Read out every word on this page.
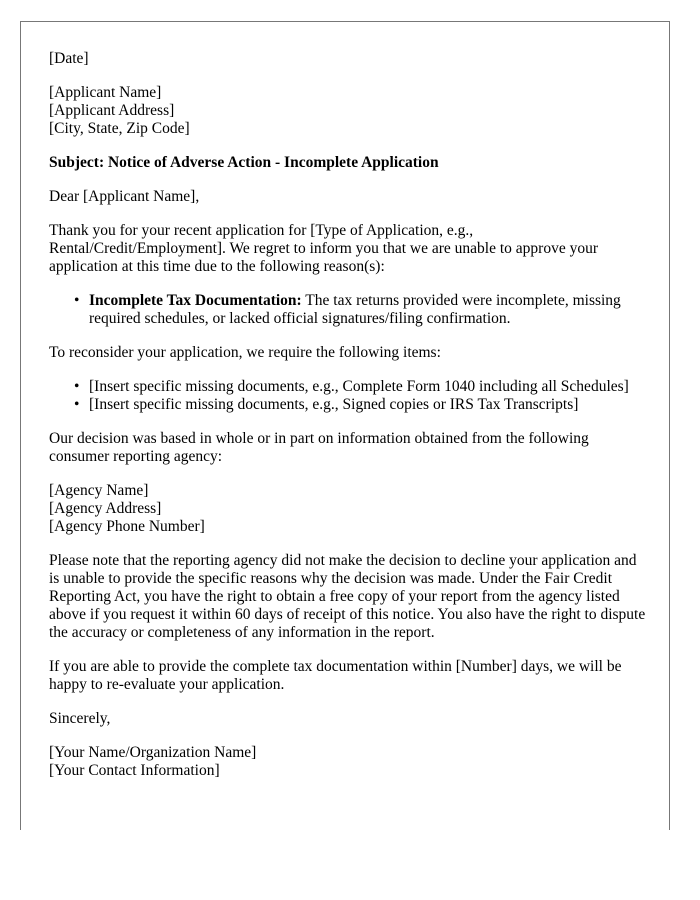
[Date]

[Applicant Name]
[Applicant Address]
[City, State, Zip Code]

Subject: Notice of Adverse Action - Incomplete Application

Dear [Applicant Name],

Thank you for your recent application for [Type of Application, e.g., Rental/Credit/Employment]. We regret to inform you that we are unable to approve your application at this time due to the following reason(s):

• Incomplete Tax Documentation: The tax returns provided were incomplete, missing required schedules, or lacked official signatures/filing confirmation.

To reconsider your application, we require the following items:

• [Insert specific missing documents, e.g., Complete Form 1040 including all Schedules]
• [Insert specific missing documents, e.g., Signed copies or IRS Tax Transcripts]

Our decision was based in whole or in part on information obtained from the following consumer reporting agency:

[Agency Name]
[Agency Address]
[Agency Phone Number]

Please note that the reporting agency did not make the decision to decline your application and is unable to provide the specific reasons why the decision was made. Under the Fair Credit Reporting Act, you have the right to obtain a free copy of your report from the agency listed above if you request it within 60 days of receipt of this notice. You also have the right to dispute the accuracy or completeness of any information in the report.

If you are able to provide the complete tax documentation within [Number] days, we will be happy to re-evaluate your application.

Sincerely,

[Your Name/Organization Name]
[Your Contact Information]
